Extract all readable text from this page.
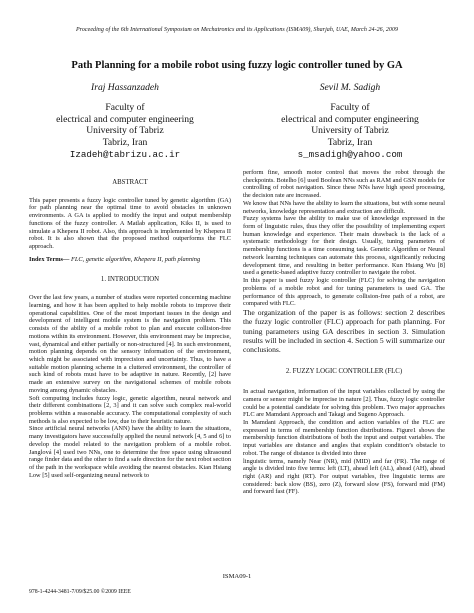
Proceeding of the 6th International Symposium on Mechatronics and its Applications (ISMA09), Sharjah, UAE, March 24-26, 2009
Path Planning for a mobile robot using fuzzy logic controller tuned by GA
Iraj Hassanzadeh
Faculty of
electrical and computer engineering
University of Tabriz
Tabriz, Iran
Izadeh@tabrizu.ac.ir
Sevil M. Sadigh
Faculty of
electrical and computer engineering
University of Tabriz
Tabriz, Iran
s_msadigh@yahoo.com

ABSTRACT

This paper presents a fuzzy logic controller tuned by genetic algorithm (GA) for path planning near the optimal time to avoid obstacles in unknown environments. A GA is applied to modify the input and output membership functions of the fuzzy controller. A Matlab application, Kiks II, is used to simulate a Khepera II robot. Also, this approach is implemented by Khepera II robot. It is also shown that the proposed method outperforms the FLC approach.

Index Terms— FLC, genetic algorithm, Khepera II, path planning

1. INTRODUCTION

Over the last few years, a number of studies were reported concerning machine learning, and how it has been applied to help mobile robots to improve their operational capabilities. One of the most important issues in the design and development of intelligent mobile system is the navigation problem. This consists of the ability of a mobile robot to plan and execute collision-free motions within its environment. However, this environment may be imprecise, vast, dynamical and either partially or non-structured [4]. In such environment, motion planning depends on the sensory information of the environment, which might be associated with imprecision and uncertainty. Thus, to have a suitable motion planning scheme in a cluttered environment, the controller of such kind of robots must have to be adaptive in nature. Recently, [2] have made an extensive survey on the navigational schemes of mobile robots moving among dynamic obstacles.

Soft computing includes fuzzy logic, genetic algorithm, neural network and their different combinations [2, 3] and it can solve such complex real-world problems within a reasonable accuracy. The computational complexity of such methods is also expected to be low, due to their heuristic nature.

Since artificial neural networks (ANN) have the ability to learn the situations, many investigators have successfully applied the neural network [4, 5 and 6] to develop the model related to the navigation problem of a mobile robot. Janglová [4] used two NNs, one to determine the free space using ultrasound range finder data and the other to find a safe direction for the next robot section of the path in the workspace while avoiding the nearest obstacles. Kian Hsiang Low [5] used self-organizing neural network to

perform fine, smooth motor control that moves the robot through the checkpoints. Botelho [6] used Boolean NNs such as RAM and GSN models for controlling of robot navigation. Since these NNs have high speed processing, the decision rate are increased.

We know that NNs have the ability to learn the situations, but with some neural networks, knowledge representation and extraction are difficult.

Fuzzy systems have the ability to make use of knowledge expressed in the form of linguistic rules, thus they offer the possibility of implementing expert human knowledge and experience. Their main drawback is the lack of a systematic methodology for their design. Usually, tuning parameters of membership functions is a time consuming task. Genetic Algorithm or Neural network learning techniques can automate this process, significantly reducing development time, and resulting in better performance. Kun Hsiang Wu [8] used a genetic-based adaptive fuzzy controller to navigate the robot.

In this paper is used fuzzy logic controller (FLC) for solving the navigation problems of a mobile robot and for tuning parameters is used GA. The performance of this approach, to generate collision-free path of a robot, are compared with FLC.

The organization of the paper is as follows: section 2 describes the fuzzy logic controller (FLC) approach for path planning. For tuning parameters using GA describes in section 3. Simulation results will be included in section 4. Section 5 will summarize our conclusions.

2. FUZZY LOGIC CONTROLLER (FLC)

In actual navigation, information of the input variables collected by using the camera or sensor might be imprecise in nature [2]. Thus, fuzzy logic controller could be a potential candidate for solving this problem. Two major approaches FLC are Mamdani Approach and Takagi and Sugeno Approach.

In Mamdani Approach, the condition and action variables of the FLC are expressed in terms of membership function distributions. Figure1 shows the membership function distributions of both the input and output variables. The input variables are distance and angles that explain condition’s obstacle to robot. The range of distance is divided into three

linguistic terms, namely Near (NR), mid (MID) and far (FR). The range of angle is divided into five terms: left (LT), ahead left (AL), ahead (AH), ahead right (AR) and right (RT). For output variables, five linguistic terms are considered: back slow (BS), zero (Z), forward slow (FS), forward mid (FM) and forward fast (FF).

ISMA09-1
978-1-4244-3481-7/09/$25.00 ©2009 IEEE
